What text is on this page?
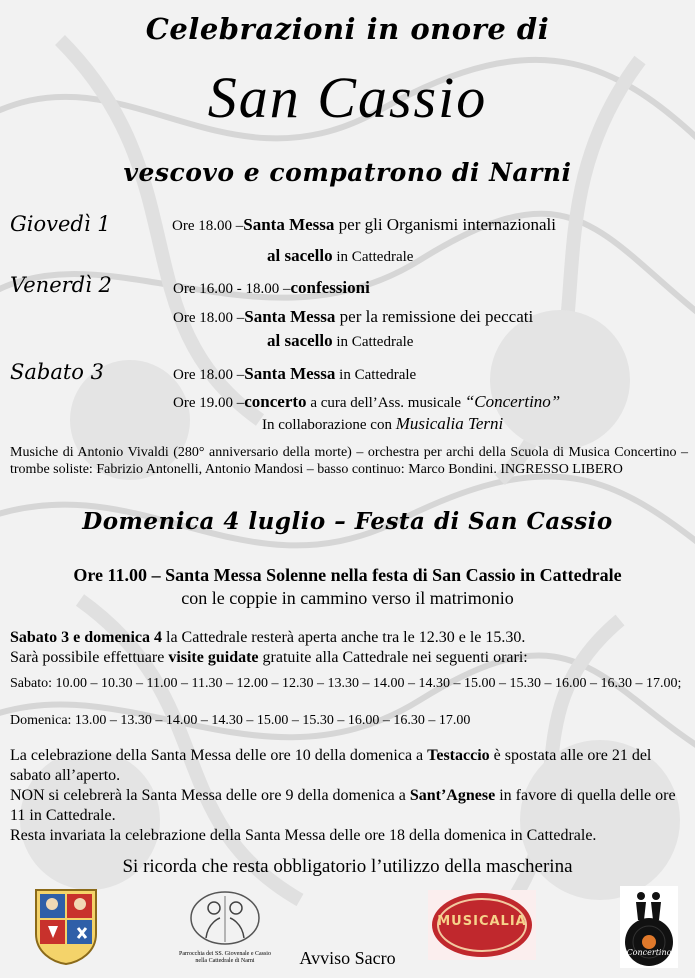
Celebrazioni in onore di
San Cassio
vescovo e compatrono di Narni
Giovedì 1	Ore 18.00 –Santa Messa per gli Organismi internazionali
al sacello in Cattedrale
Venerdì 2	Ore 16.00 - 18.00 –confessioni
Ore 18.00 –Santa Messa per la remissione dei peccati
al sacello in Cattedrale
Sabato 3	Ore 18.00 –Santa Messa in Cattedrale
Ore 19.00 –concerto a cura dell’Ass. musicale “Concertino”
In collaborazione con Musicalia Terni
Musiche di Antonio Vivaldi (280° anniversario della morte) – orchestra per archi della Scuola di Musica Concertino – trombe soliste: Fabrizio Antonelli, Antonio Mandosi – basso continuo: Marco Bondini. INGRESSO LIBERO
Domenica 4 luglio – Festa di San Cassio
Ore 11.00 – Santa Messa Solenne nella festa di San Cassio in Cattedrale
con le coppie in cammino verso il matrimonio
Sabato 3 e domenica 4 la Cattedrale resterà aperta anche tra le 12.30 e le 15.30.
Sarà possibile effettuare visite guidate gratuite alla Cattedrale nei seguenti orari:
Sabato: 10.00 – 10.30 – 11.00 – 11.30 – 12.00 – 12.30 – 13.30 – 14.00 – 14.30 – 15.00 – 15.30 – 16.00 – 16.30 – 17.00;
Domenica: 13.00 – 13.30 – 14.00 – 14.30 – 15.00 – 15.30 – 16.00 – 16.30 – 17.00
La celebrazione della Santa Messa delle ore 10 della domenica a Testaccio è spostata alle ore 21 del sabato all’aperto.
NON si celebrerà la Santa Messa delle ore 9 della domenica a Sant’Agnese in favore di quella delle ore 11 in Cattedrale.
Resta invariata la celebrazione della Santa Messa delle ore 18 della domenica in Cattedrale.
Si ricorda che resta obbligatorio l’utilizzo della mascherina
Parrocchia dei SS. Giovenale e Cassio
nella Cattedrale di Narni
MUSICALIA
Concertino
Avviso Sacro
